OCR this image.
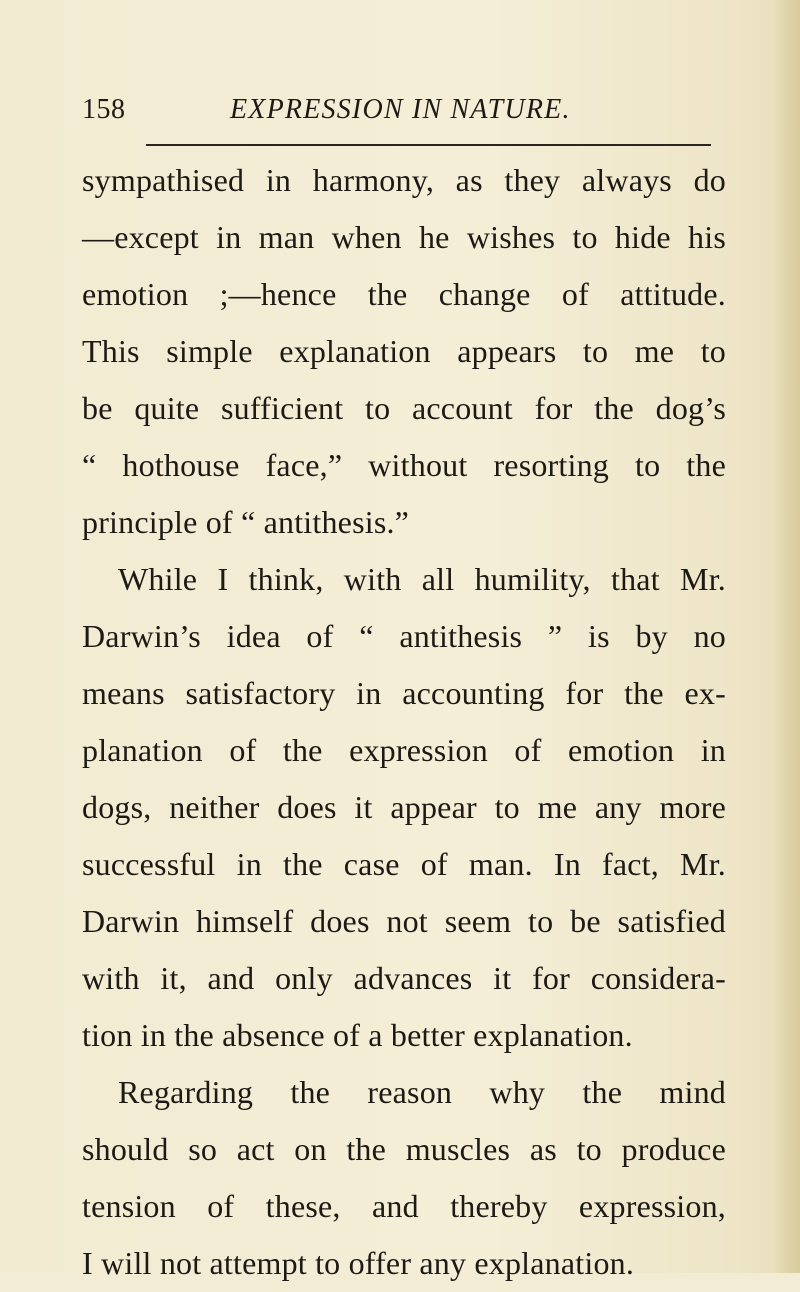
158	EXPRESSION IN NATURE.
sympathised in harmony, as they always do
—except in man when he wishes to hide his
emotion ;—hence the change of attitude.
This simple explanation appears to me to
be quite sufficient to account for the dog’s
“ hothouse face,” without resorting to the
principle of “ antithesis.”
While I think, with all humility, that Mr.
Darwin’s idea of “ antithesis ” is by no
means satisfactory in accounting for the ex-
planation of the expression of emotion in
dogs, neither does it appear to me any more
successful in the case of man. In fact, Mr.
Darwin himself does not seem to be satisfied
with it, and only advances it for considera-
tion in the absence of a better explanation.
Regarding the reason why the mind
should so act on the muscles as to produce
tension of these, and thereby expression,
I will not attempt to offer any explanation.
